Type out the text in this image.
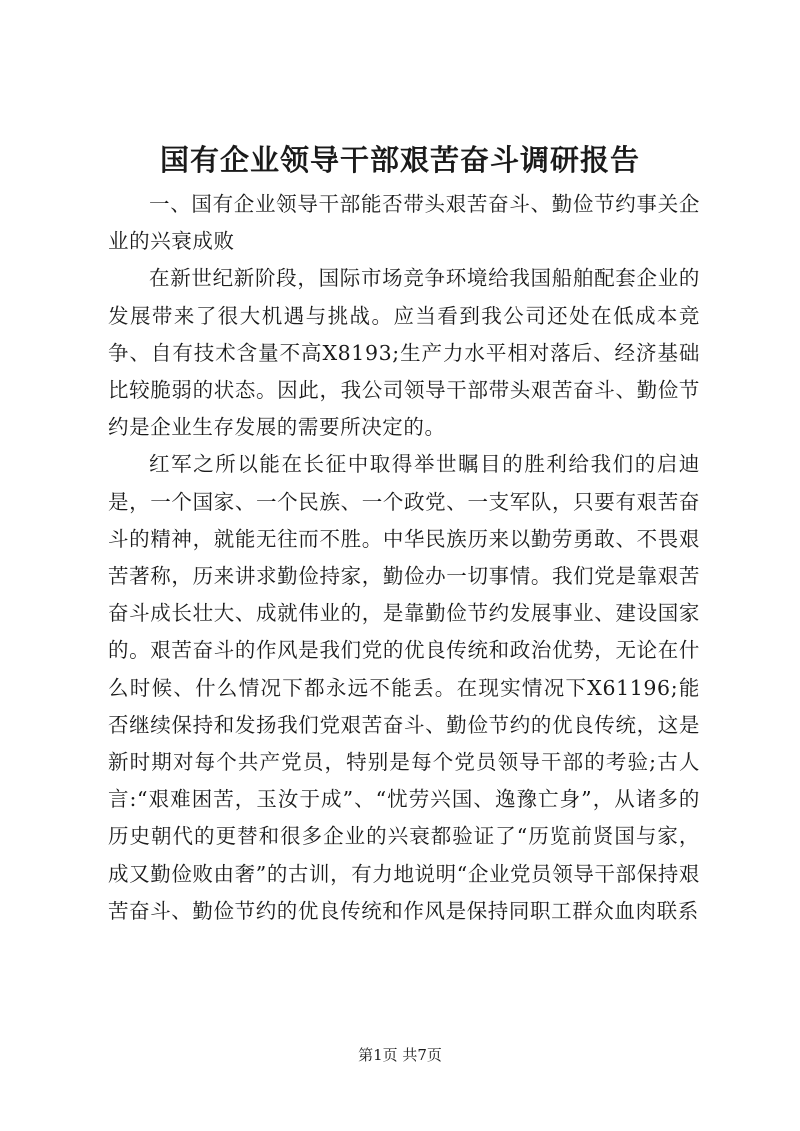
国有企业领导干部艰苦奋斗调研报告

一、国有企业领导干部能否带头艰苦奋斗、勤俭节约事关企业的兴衰成败

在新世纪新阶段，国际市场竞争环境给我国船舶配套企业的发展带来了很大机遇与挑战。应当看到我公司还处在低成本竞争、自有技术含量不高X8193;生产力水平相对落后、经济基础比较脆弱的状态。因此，我公司领导干部带头艰苦奋斗、勤俭节约是企业生存发展的需要所决定的。

红军之所以能在长征中取得举世瞩目的胜利给我们的启迪是，一个国家、一个民族、一个政党、一支军队，只要有艰苦奋斗的精神，就能无往而不胜。中华民族历来以勤劳勇敢、不畏艰苦著称，历来讲求勤俭持家，勤俭办一切事情。我们党是靠艰苦奋斗成长壮大、成就伟业的，是靠勤俭节约发展事业、建设国家的。艰苦奋斗的作风是我们党的优良传统和政治优势，无论在什么时候、什么情况下都永远不能丢。在现实情况下X61196;能否继续保持和发扬我们党艰苦奋斗、勤俭节约的优良传统，这是新时期对每个共产党员，特别是每个党员领导干部的考验;古人言:“艰难困苦，玉汝于成”、“忧劳兴国、逸豫亡身”，从诸多的历史朝代的更替和很多企业的兴衰都验证了“历览前贤国与家，成又勤俭败由奢”的古训，有力地说明“企业党员领导干部保持艰苦奋斗、勤俭节约的优良传统和作风是保持同职工群众血肉联系

第1页 共7页
